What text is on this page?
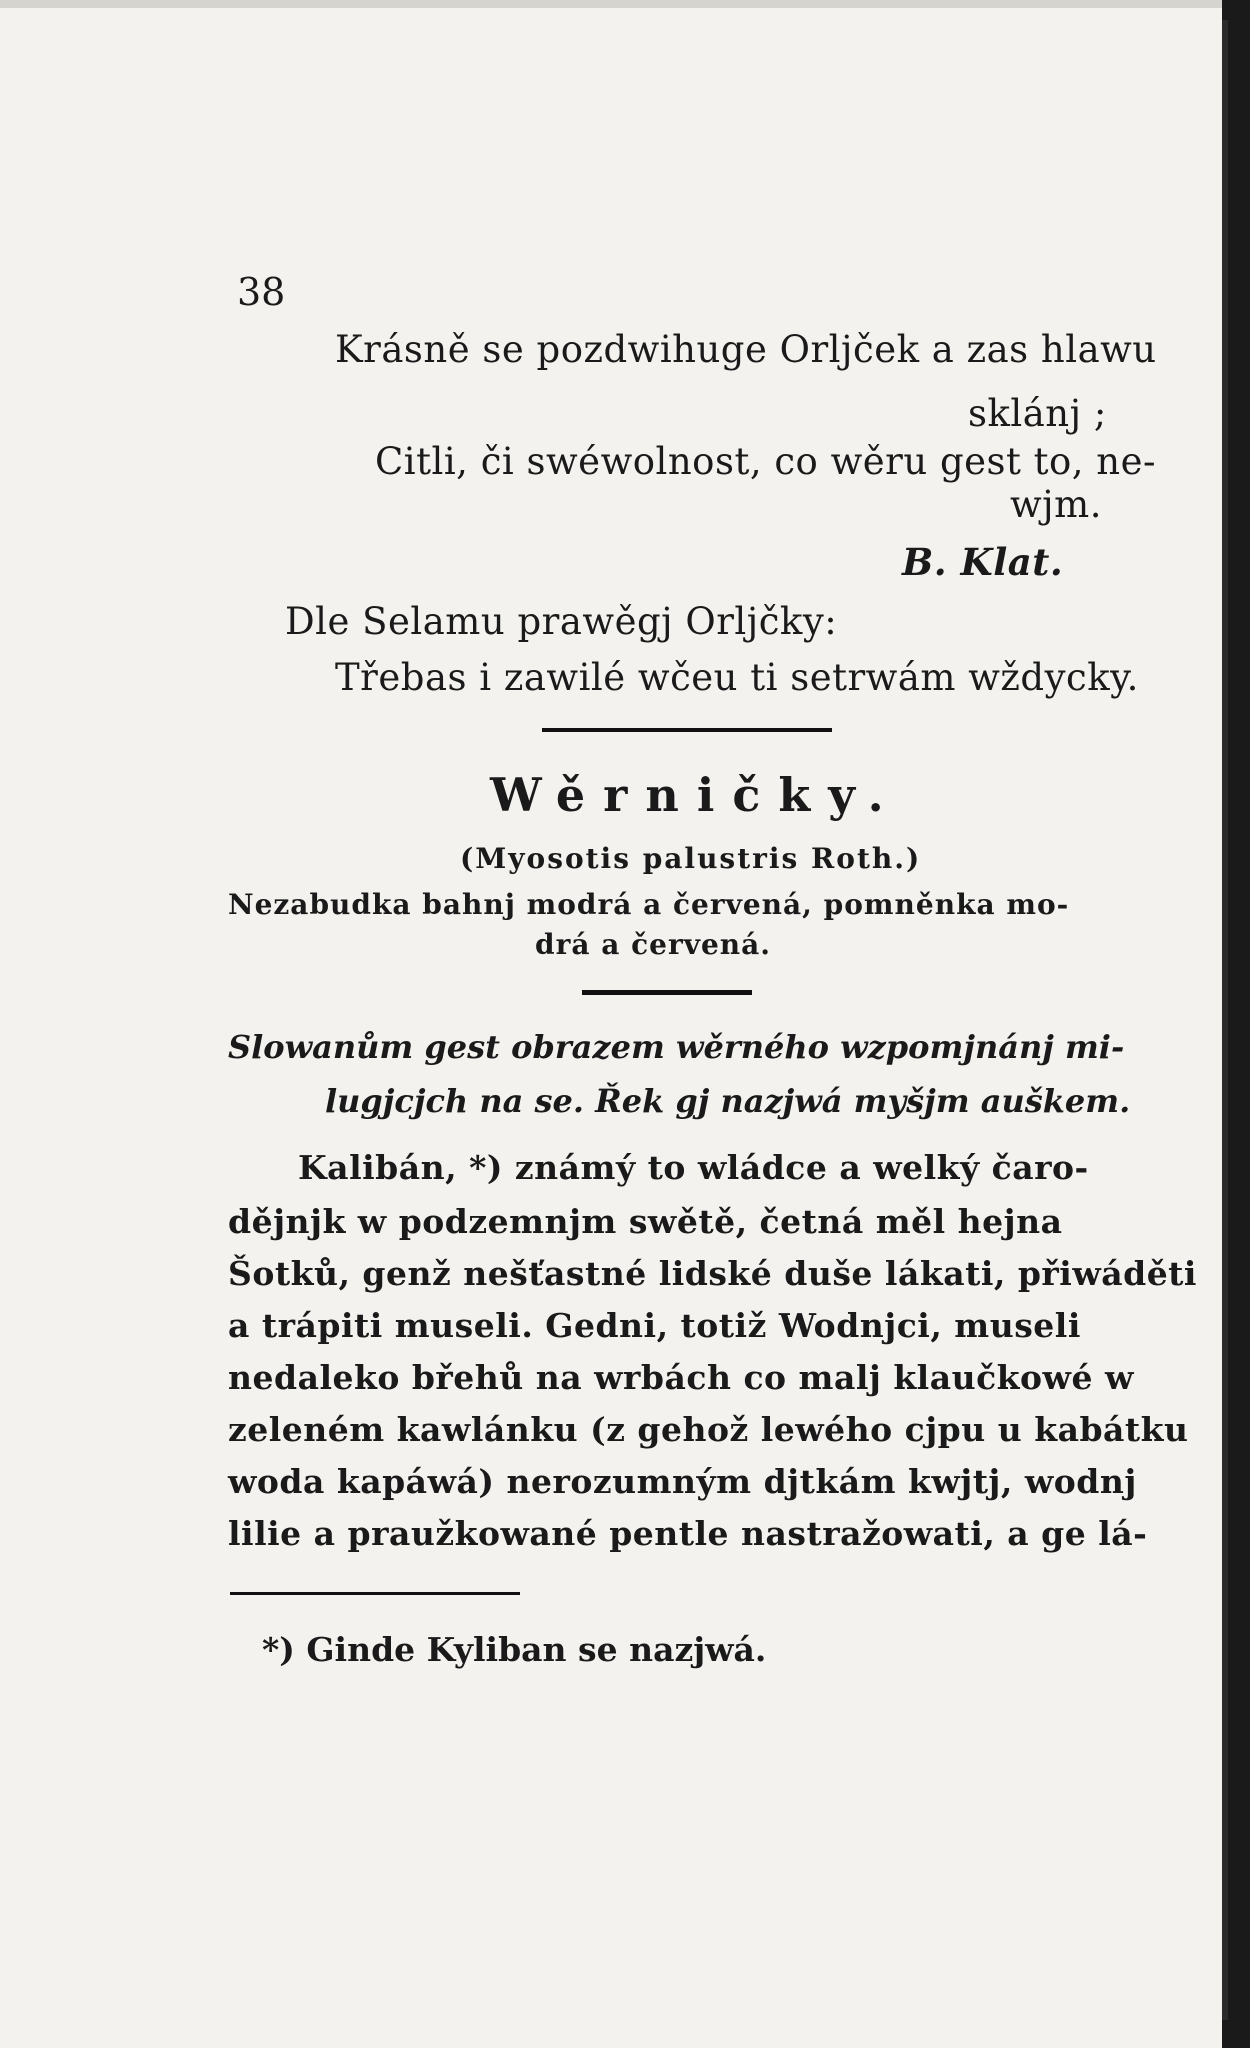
38
Krásně se pozdwihuge Orljček a zas hlawu
sklánj ;
Citli, či swéwolnost, co wěru gest to, ne-
wjm.
B. Klat.
Dle Selamu prawěgj Orljčky:
Třebas i zawilé wčeu ti setrwám wždycky.
Wěrničky.
(Myosotis palustris Roth.)
Nezabudka bahnj modrá a červená, pomněnka mo-
drá a červená.
Slowanům gest obrazem wěrného wzpomjnánj mi-
lugjcjch na se. Řek gj nazjwá myšjm auškem.
Kalibán, *) známý to wládce a welký čaro-
dějnjk w podzemnjm swětě, četná měl hejna
Šotků, genž nešťastné lidské duše lákati, přiwáděti
a trápiti museli. Gedni, totiž Wodnjci, museli
nedaleko břehů na wrbách co malj klaučkowé w
zeleném kawlánku (z gehož lewého cjpu u kabátku
woda kapáwá) nerozumným djtkám kwjtj, wodnj
lilie a praužkowané pentle nastražowati, a ge lá-
*) Ginde Kyliban se nazjwá.
